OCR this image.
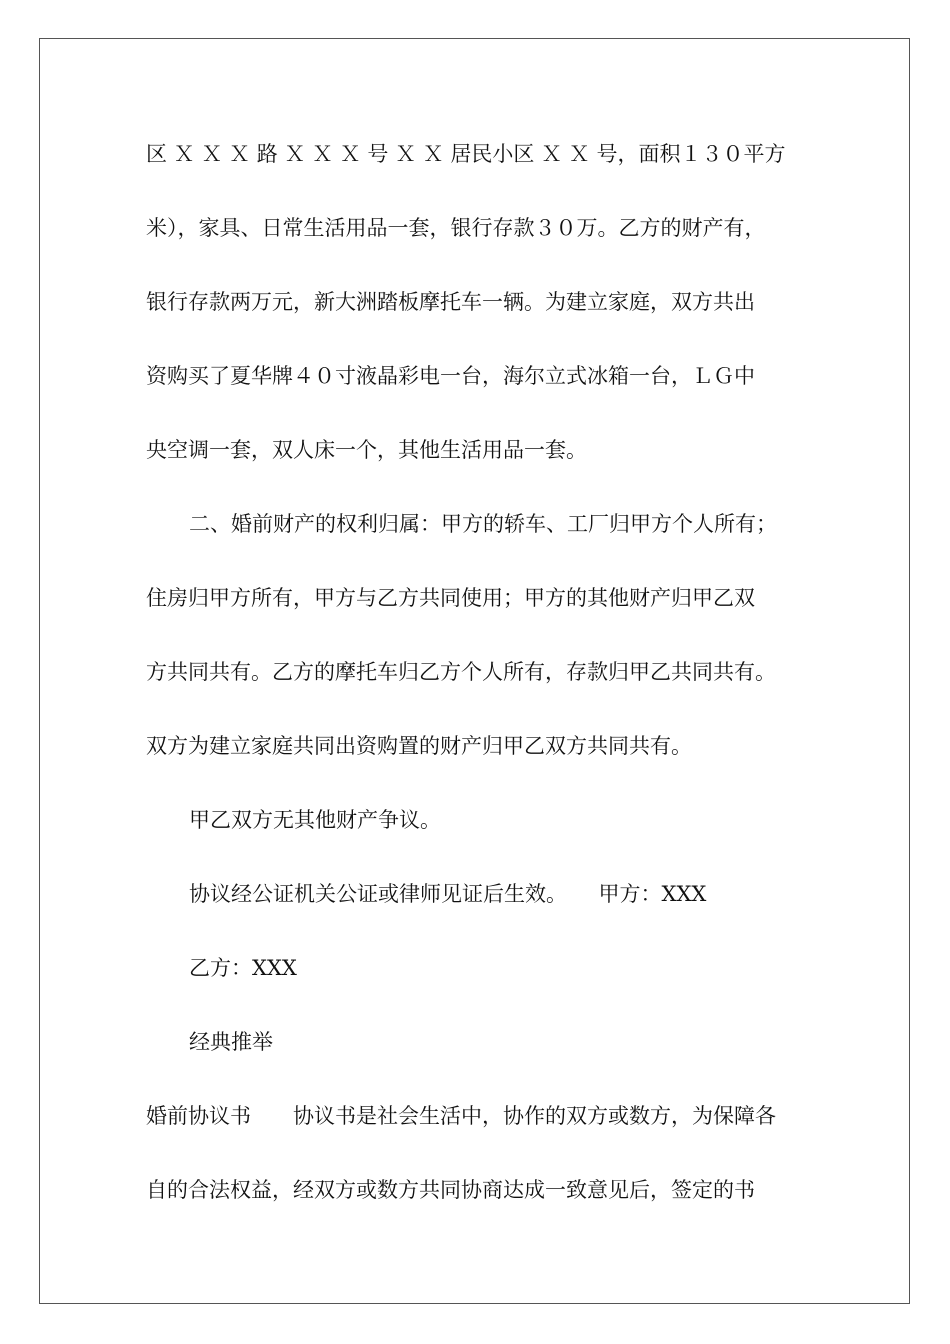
区 Ｘ Ｘ Ｘ 路 Ｘ Ｘ Ｘ 号 Ｘ Ｘ 居民小区 Ｘ Ｘ 号，面积１３０平方
米），家具、日常生活用品一套，银行存款３０万。乙方的财产有，
银行存款两万元，新大洲踏板摩托车一辆。为建立家庭，双方共出
资购买了夏华牌４０寸液晶彩电一台，海尔立式冰箱一台，ＬＧ中
央空调一套，双人床一个，其他生活用品一套。
二、婚前财产的权利归属：甲方的轿车、工厂归甲方个人所有；
住房归甲方所有，甲方与乙方共同使用；甲方的其他财产归甲乙双
方共同共有。乙方的摩托车归乙方个人所有，存款归甲乙共同共有。
双方为建立家庭共同出资购置的财产归甲乙双方共同共有。
甲乙双方无其他财产争议。
协议经公证机关公证或律师见证后生效。　　甲方：XXX
乙方：XXX
经典推举
婚前协议书　　协议书是社会生活中，协作的双方或数方，为保障各
自的合法权益，经双方或数方共同协商达成一致意见后，签定的书
